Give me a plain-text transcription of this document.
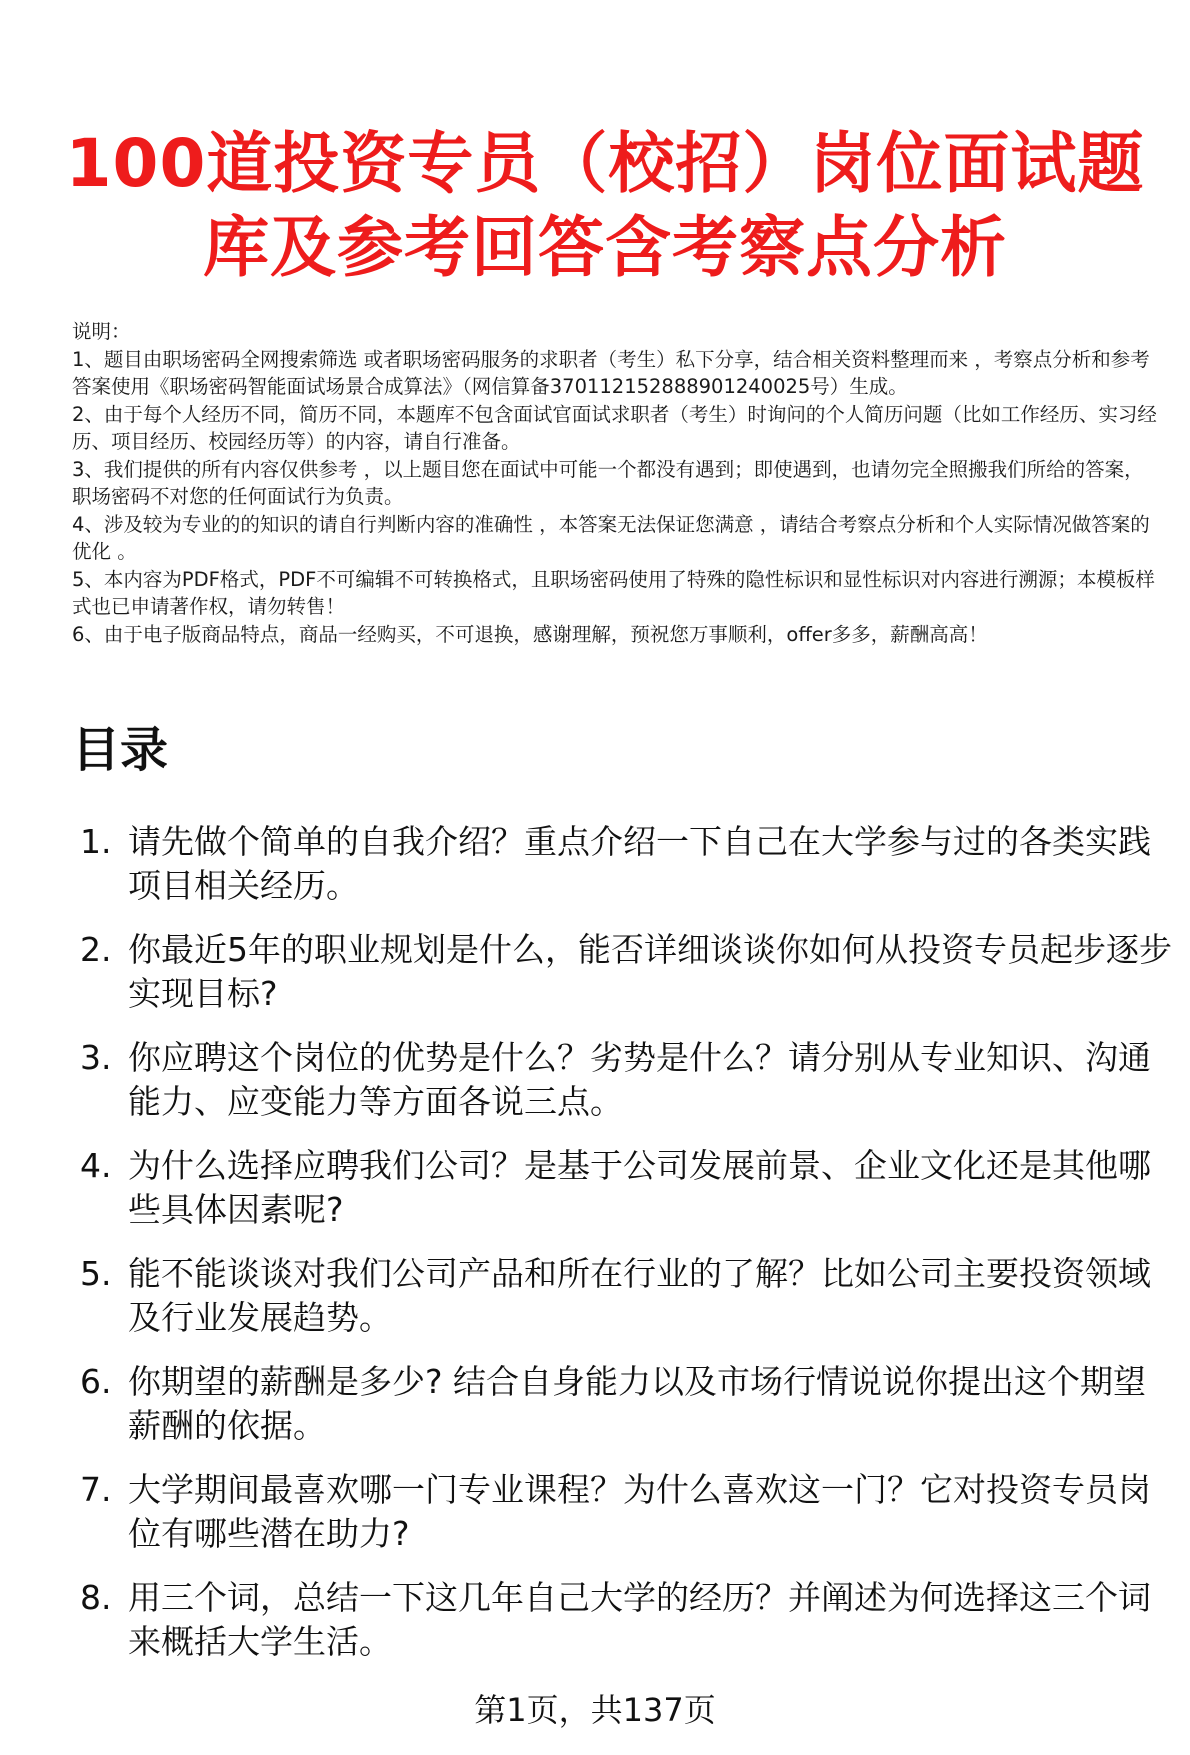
100道投资专员（校招）岗位面试题
库及参考回答含考察点分析

说明：

1、题目由职场密码全网搜索筛选 或者职场密码服务的求职者（考生）私下分享，结合相关资料整理而来 ，考察点分析和参考答案使用《职场密码智能面试场景合成算法》（网信算备370112152888901240025号）生成。

2、由于每个人经历不同，简历不同，本题库不包含面试官面试求职者（考生）时询问的个人简历问题（比如工作经历、实习经历、项目经历、校园经历等）的内容，请自行准备。

3、我们提供的所有内容仅供参考 ，以上题目您在面试中可能一个都没有遇到；即使遇到，也请勿完全照搬我们所给的答案，职场密码不对您的任何面试行为负责。

4、涉及较为专业的的知识的请自行判断内容的准确性 ，本答案无法保证您满意 ，请结合考察点分析和个人实际情况做答案的优化 。

5、本内容为PDF格式，PDF不可编辑不可转换格式，且职场密码使用了特殊的隐性标识和显性标识对内容进行溯源；本模板样式也已申请著作权，请勿转售！

6、由于电子版商品特点，商品一经购买，不可退换，感谢理解，预祝您万事顺利，offer多多，薪酬高高！

目录
1. 请先做个简单的自我介绍？重点介绍一下自己在大学参与过的各类实践项目相关经历。
2. 你最近5年的职业规划是什么，能否详细谈谈你如何从投资专员起步逐步实现目标?
3. 你应聘这个岗位的优势是什么？劣势是什么？请分别从专业知识、沟通能力、应变能力等方面各说三点。
4. 为什么选择应聘我们公司？是基于公司发展前景、企业文化还是其他哪些具体因素呢?
5. 能不能谈谈对我们公司产品和所在行业的了解？比如公司主要投资领域及行业发展趋势。
6. 你期望的薪酬是多少? 结合自身能力以及市场行情说说你提出这个期望薪酬的依据。
7. 大学期间最喜欢哪一门专业课程？为什么喜欢这一门？它对投资专员岗位有哪些潜在助力?
8. 用三个词，总结一下这几年自己大学的经历？并阐述为何选择这三个词来概括大学生活。
第1页，共137页
